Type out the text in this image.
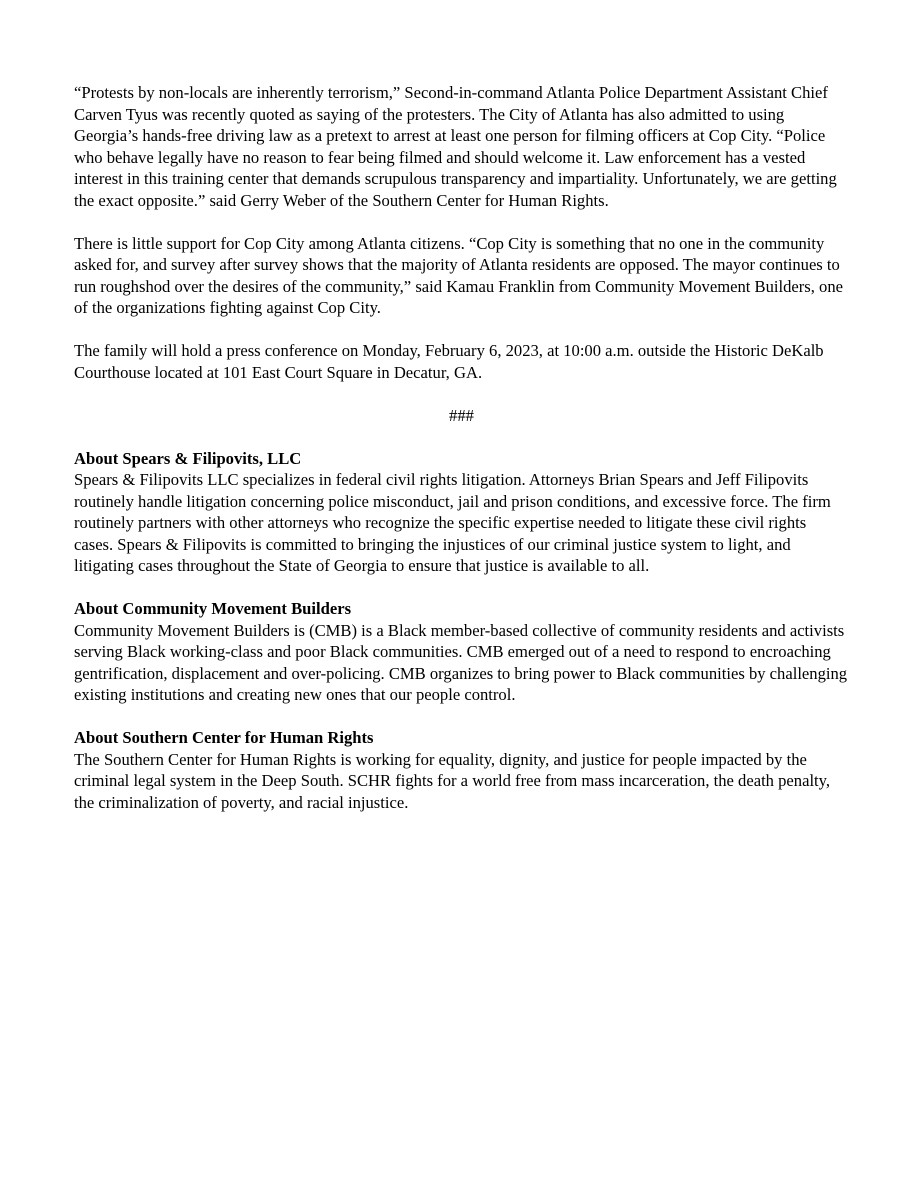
“Protests by non-locals are inherently terrorism,” Second-in-command Atlanta Police Department Assistant Chief Carven Tyus was recently quoted as saying of the protesters. The City of Atlanta has also admitted to using Georgia’s hands-free driving law as a pretext to arrest at least one person for filming officers at Cop City. “Police who behave legally have no reason to fear being filmed and should welcome it. Law enforcement has a vested interest in this training center that demands scrupulous transparency and impartiality. Unfortunately, we are getting the exact opposite.” said Gerry Weber of the Southern Center for Human Rights.

There is little support for Cop City among Atlanta citizens. “Cop City is something that no one in the community asked for, and survey after survey shows that the majority of Atlanta residents are opposed. The mayor continues to run roughshod over the desires of the community,” said Kamau Franklin from Community Movement Builders, one of the organizations fighting against Cop City.

The family will hold a press conference on Monday, February 6, 2023, at 10:00 a.m. outside the Historic DeKalb Courthouse located at 101 East Court Square in Decatur, GA.

###
About Spears & Filipovits, LLC
Spears & Filipovits LLC specializes in federal civil rights litigation. Attorneys Brian Spears and Jeff Filipovits routinely handle litigation concerning police misconduct, jail and prison conditions, and excessive force. The firm routinely partners with other attorneys who recognize the specific expertise needed to litigate these civil rights cases. Spears & Filipovits is committed to bringing the injustices of our criminal justice system to light, and litigating cases throughout the State of Georgia to ensure that justice is available to all.
About Community Movement Builders
Community Movement Builders is (CMB) is a Black member-based collective of community residents and activists serving Black working-class and poor Black communities. CMB emerged out of a need to respond to encroaching gentrification, displacement and over-policing. CMB organizes to bring power to Black communities by challenging existing institutions and creating new ones that our people control.
About Southern Center for Human Rights
The Southern Center for Human Rights is working for equality, dignity, and justice for people impacted by the criminal legal system in the Deep South. SCHR fights for a world free from mass incarceration, the death penalty, the criminalization of poverty, and racial injustice.
